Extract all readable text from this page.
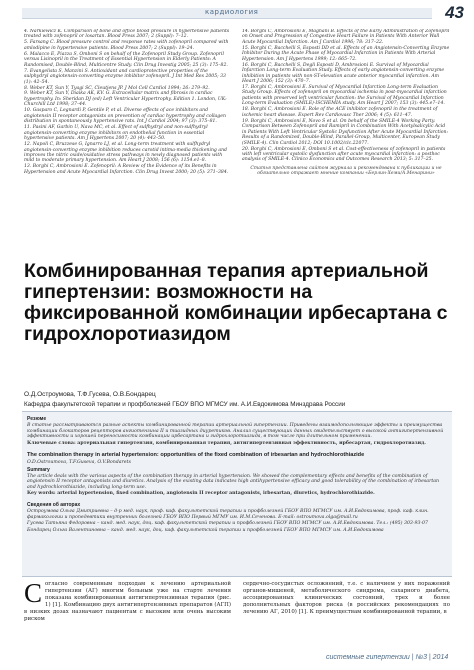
кардиология	43

4. Narkiewicz K. Comparison of bone and office blood pressure in hypertensive patients treated with zofenopril or losartan. Blood Press 2007; 2 (Suppl): 7–12.

5. Farsang C. Blood pressure control and response rates with zofenopril compared with amlodipine in hypertensive patients. Blood Press 2007; 2 (Suppl): 19–24.

6. Malacco E, Piazza S, Omboni S on behalf of the Zofenopril Study Group. Zofenopril versus Lisinopril in the Treatment of Essential Hypertension in Elderly Patients: A Randomised, Double-Blind, Multicentre Study. Clin Drug Investig 2005; 25 (3): 175–82.

7. Evangelista S, Manzini S. Antioxidant and cardioprotective properties of the sulphydryl angiotensin-converting enzyme inhibitor zofenopril. J Int Med Res 2005; 33 (1): 42–54.

8. Weber KT, Sun Y, Tyagi SC, Cleutjens JP. J Mol Cell Cardiol 1994; 26: 279–92.

9. Weber KT, Sun Y, Diaika AK, KV. G. Extracellular matrix and fibrosis in cardiac hypertrophy. In: Sheridan DJ (ed) Left Ventricular Hypertrophy. Edition 1. London, UK: Churchill Ltd 1998; 37–44.

10. Gasparo C, Legnardi P, Gentile P, et al. Diverse effects of ace inhibitors and angiotensin II receptor antagonists on prevention of cardiac hypertrophy and collagen distribution in spontaneously hypertensive rats. Int J Cardiol 2004; 97 (3): 375–81.

11. Pasini AF, Garbin U, Nava MC, et al. Effect of sulfhydryl and non-sulfhydryl angiotensin-converting enzyme inhibitors on endothelial function in essential hypertensive patients. Am J Hypertens 2007; 20 (4): 443–50.

12. Napoli C, Bruzzese G, Ignarro LJ, et al. Long-term treatment with sulfhydryl angiotensin-converting enzyme inhibition reduces carotid intima-media thickening and improves the nitric oxide/oxidative stress pathways in newly diagnosed patients with mild to moderate primary hypertension. Am Heart J 2008; 156 (6): 1154.e1–8.

13. Borghi C, Ambrosioni E. Zofenopril: A Review of the Evidence of its Benefits in Hypertension and Acute Myocardial Infarction. Clin Drug Invest 2000; 20 (5): 371–384.

14. Borghi C, Ambrosioni E, Magnani B. Effects of the Early Administration of Zofenopril on Onset and Progression of Congestive Heart Failure in Patients With Anterior Wall Acute Myocardial Infarction. Am J Cardiol 1996; 78: 317–22.

15. Borghi C, Bacchelli S, Esposti DD et al. Effects of an Angiotensin-Converting Enzyme Inhibitor During the Acute Phase of Myocardial Infarction in Patients With Arterial Hypertension. Am J Hypertens 1999; 12: 665–72.

16. Borghi C, Bacchelli S, Degli Esposti D, Ambrosioni E. Survival of Myocardial Infarction Long-term Evaluation Study. Effects of early angiotensin-converting enzyme inhibition in patients with non-ST-elevation acute anterior myocardial infarction. Am Heart J 2006; 152 (3): 470–7.

17. Borghi C, Ambrosioni E. Survival of Myocardial Infarction Long-term Evaluation Study Group. Effects of zofenopril on myocardial ischemia in post-myocardial infarction patients with preserved left ventricular function: the Survival of Myocardial Infarction Long-term Evaluation (SMILE)-ISCHEMIA study. Am Heart J 2007; 153 (3): 445.e7–14.

18. Borghi C, Ambrosioni E. Role of the ACE inhibitor zofenopril in the treatment of ischemic heart disease. Expert Rev Cardiovasc Ther 2006; 4 (5): 611–47.

19. Borghi C, Ambrosioni E, Novo S et al. On behalf of the SMILE-4 Working Party. Comparison Between Zofenopril and Ramipril in Combination With Acetylsalicylic Acid in Patients With Left Ventricular Systolic Dysfunction After Acute Myocardial Infarction: Results of a Randomized, Double-Blind, Parallel-Group, Multicenter, European Study (SMILE-4). Clin Cardiol 2012; DOI 10.1002/clc.22077.

20. Borghi C, Ambrosioni E, Omboni S et al. Cost-effectiveness of zofenopril in patients with left ventricular systolic dysfunction after acute myocardial infarction: a posthoc analysis of SMILE-4. Clinico Economics and Outcomes Research 2013; 5: 317–25.

Статья представлена сайтом журнала и рекомендована к публикации и не обязательно отражает мнение компании «Берлин-Хеми/А.Менарини»

Комбинированная терапия артериальной гипертензии: возможности на фиксированной комбинации ирбесартана с гидрохлоротиазидом
О.Д.Остроумова, Т.Ф.Гусева, О.В.Бондарец
Кафедра факультетской терапии и профболезней ГБОУ ВПО МГМСУ им. А.И.Евдокимова Минздрава России
Резюме

В статье рассматриваются разные аспекты комбинированной терапии артериальной гипертензии. Приведены взаимодополняющие эффекты и преимущества комбинации блокаторов рецепторов ангиотензина II и тиазидных диуретиков. Анализ существующих данных свидетельствует о высокой антигипертензивной эффективности и хорошей переносимости комбинации ирбесартана и гидрохлоротиазида, в том числе при длительном применении.

Ключевые слова: артериальная гипертензия, комбинированная терапия, антигипертензивная эффективность, ирбесартан, гидрохлоротиазид.

The combination therapy in arterial hypertension: opportunities of the fixed combination of irbesartan and hydrochlorothiazide

O.D.Ostroumova, T.F.Guseva, O.V.Bondarets

Summary

The article deals with the various aspects of the combination therapy in arterial hypertension. We showed the complementary effects and benefits of the combination of angiotensin II receptor antagonists and diuretics. Analysis of the existing data indicates high antihypertensive efficacy and good tolerability of the combination of irbesartan and hydrochlorothiazide, including long-term use.

Key words: arterial hypertension, fixed combination, angiotensin II receptor antagonists, irbesartan, diuretics, hydrochlorothiazide.

Сведения об авторах

Остроумова Ольга Дмитриевна – д-р мед. наук, проф. каф. факультетской терапии и профболезней ГБОУ ВПО МГМСУ им. А.И.Евдокимова, проф. каф. клин. фармакологии и пропедевтики внутренних болезней ГБОУ ВПО Первый МГМУ им. И.М.Сеченова. E-mail: ostroumova.olga@mail.ru

Гусева Татьяна Федоровна – канд. мед. наук, доц. каф. факультетской терапии и профболезней ГБОУ ВПО МГМСУ им. А.И.Евдокимова. Тел.: (495) 303-93-07

Бондарец Ольга Валентиновна – канд. мед. наук, доц. каф. факультетской терапии и профболезней ГБОУ ВПО МГМСУ им. А.И.Евдокимова

Согласно современным подходам к лечению артериальной гипертензии (АГ) многим больным уже на старте лечения показана комбинированная антигипертензивная терапия (рис. 1) [1]. Комбинацию двух антигипертензивных препаратов (АГП) в низких дозах назначают пациентам с высоким или очень высоким риском

сердечно-сосудистых осложнений, т.е. с наличием у них поражений органов-мишеней, метаболического синдрома, сахарного диабета, ассоциированных клинических состояний, трех и более дополнительных факторов риска (в российских рекомендациях по лечению АГ, 2010) [1]. К преимуществам комбинированной терапии, в

системные гипертензии | №3 | 2014
